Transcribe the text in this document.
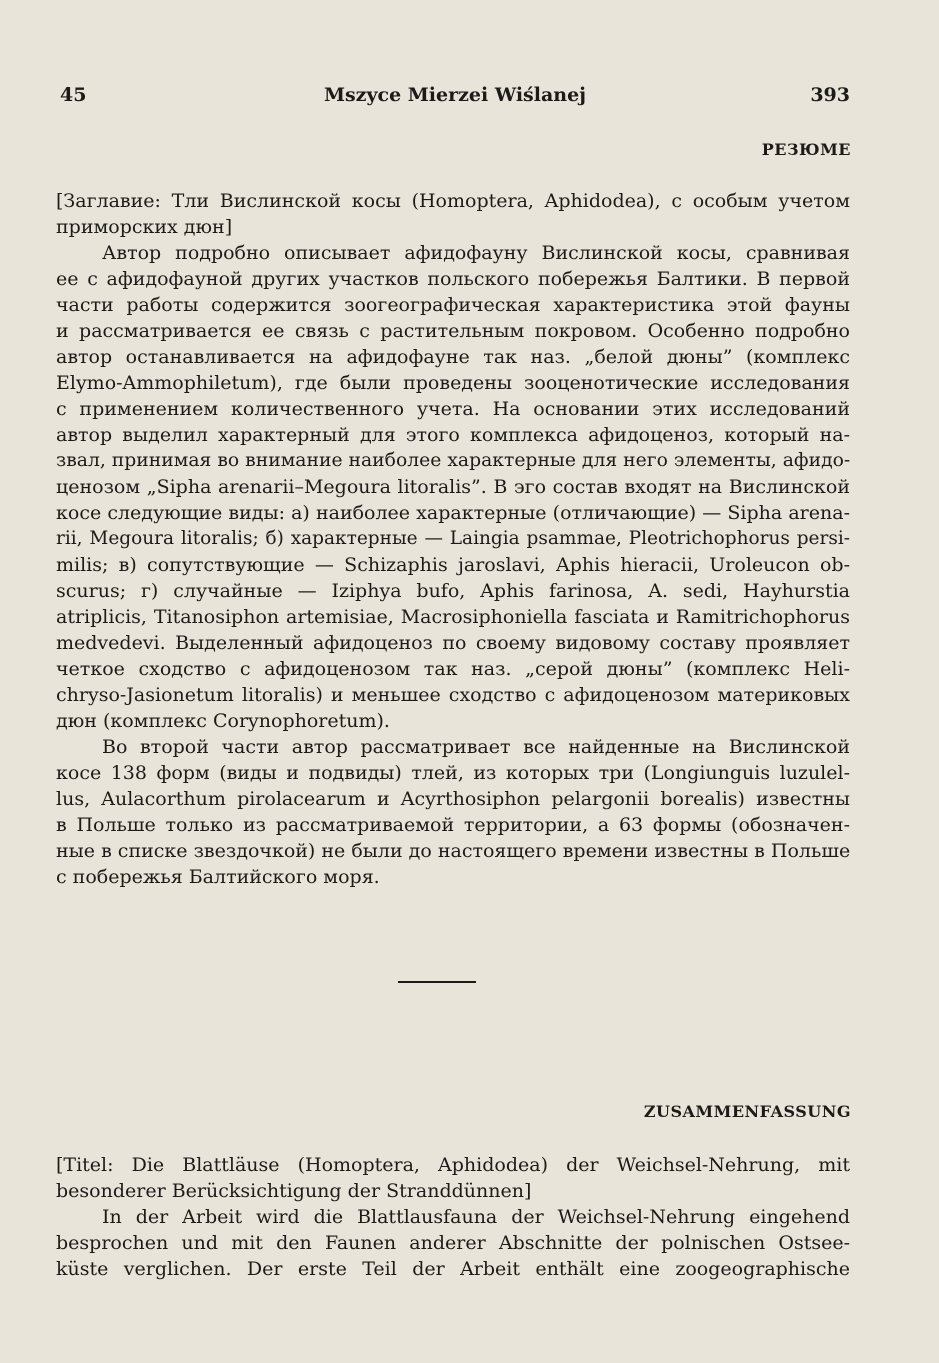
45	Mszyce Mierzei Wiślanej	393
РЕЗЮМЕ
[Заглавие: Тли Вислинской косы (Homoptera, Aphidodea), с особым учетом
приморских дюн]
Автор подробно описывает афидофауну Вислинской косы, сравнивая
ее с афидофауной других участков польского побережья Балтики. В первой
части работы содержится зоогеографическая характеристика этой фауны
и рассматривается ее связь с растительным покровом. Особенно подробно
автор останавливается на афидофауне так наз. „белой дюны” (комплекс
Elymo-Ammophiletum), где были проведены зооценотические исследования
с применением количественного учета. На основании этих исследований
автор выделил характерный для этого комплекса афидоценоз, который на-
звал, принимая во внимание наиболее характерные для него элементы, афидо-
ценозом „Sipha arenarii–Megoura litoralis”. В эго состав входят на Вислинской
косе следующие виды: а) наиболее характерные (отличающие) — Sipha arena-
rii, Megoura litoralis; б) характерные — Laingia psammae, Pleotrichophorus persi-
milis; в) сопутствующие — Schizaphis jaroslavi, Aphis hieracii, Uroleucon ob-
scurus; г) случайные — Iziphya bufo, Aphis farinosa, A. sedi, Hayhurstia
atriplicis, Titanosiphon artemisiae, Macrosiphoniella fasciata и Ramitrichophorus
medvedevi. Выделенный афидоценоз по своему видовому составу проявляет
четкое сходство с афидоценозом так наз. „серой дюны” (комплекс Heli-
chryso-Jasionetum litoralis) и меньшее сходство с афидоценозом материковых
дюн (комплекс Corynophoretum).
Во второй части автор рассматривает все найденные на Вислинской
косе 138 форм (виды и подвиды) тлей, из которых три (Longiunguis luzulel-
lus, Aulacorthum pirolacearum и Acyrthosiphon pelargonii borealis) известны
в Польше только из рассматриваемой территории, а 63 формы (обозначен-
ные в списке звездочкой) не были до настоящего времени известны в Польше
с побережья Балтийского моря.
ZUSAMMENFASSUNG
[Titel: Die Blattläuse (Homoptera, Aphidodea) der Weichsel-Nehrung, mit
besonderer Berücksichtigung der Stranddünnen]
In der Arbeit wird die Blattlausfauna der Weichsel-Nehrung eingehend
besprochen und mit den Faunen anderer Abschnitte der polnischen Ostsee-
küste verglichen. Der erste Teil der Arbeit enthält eine zoogeographische
